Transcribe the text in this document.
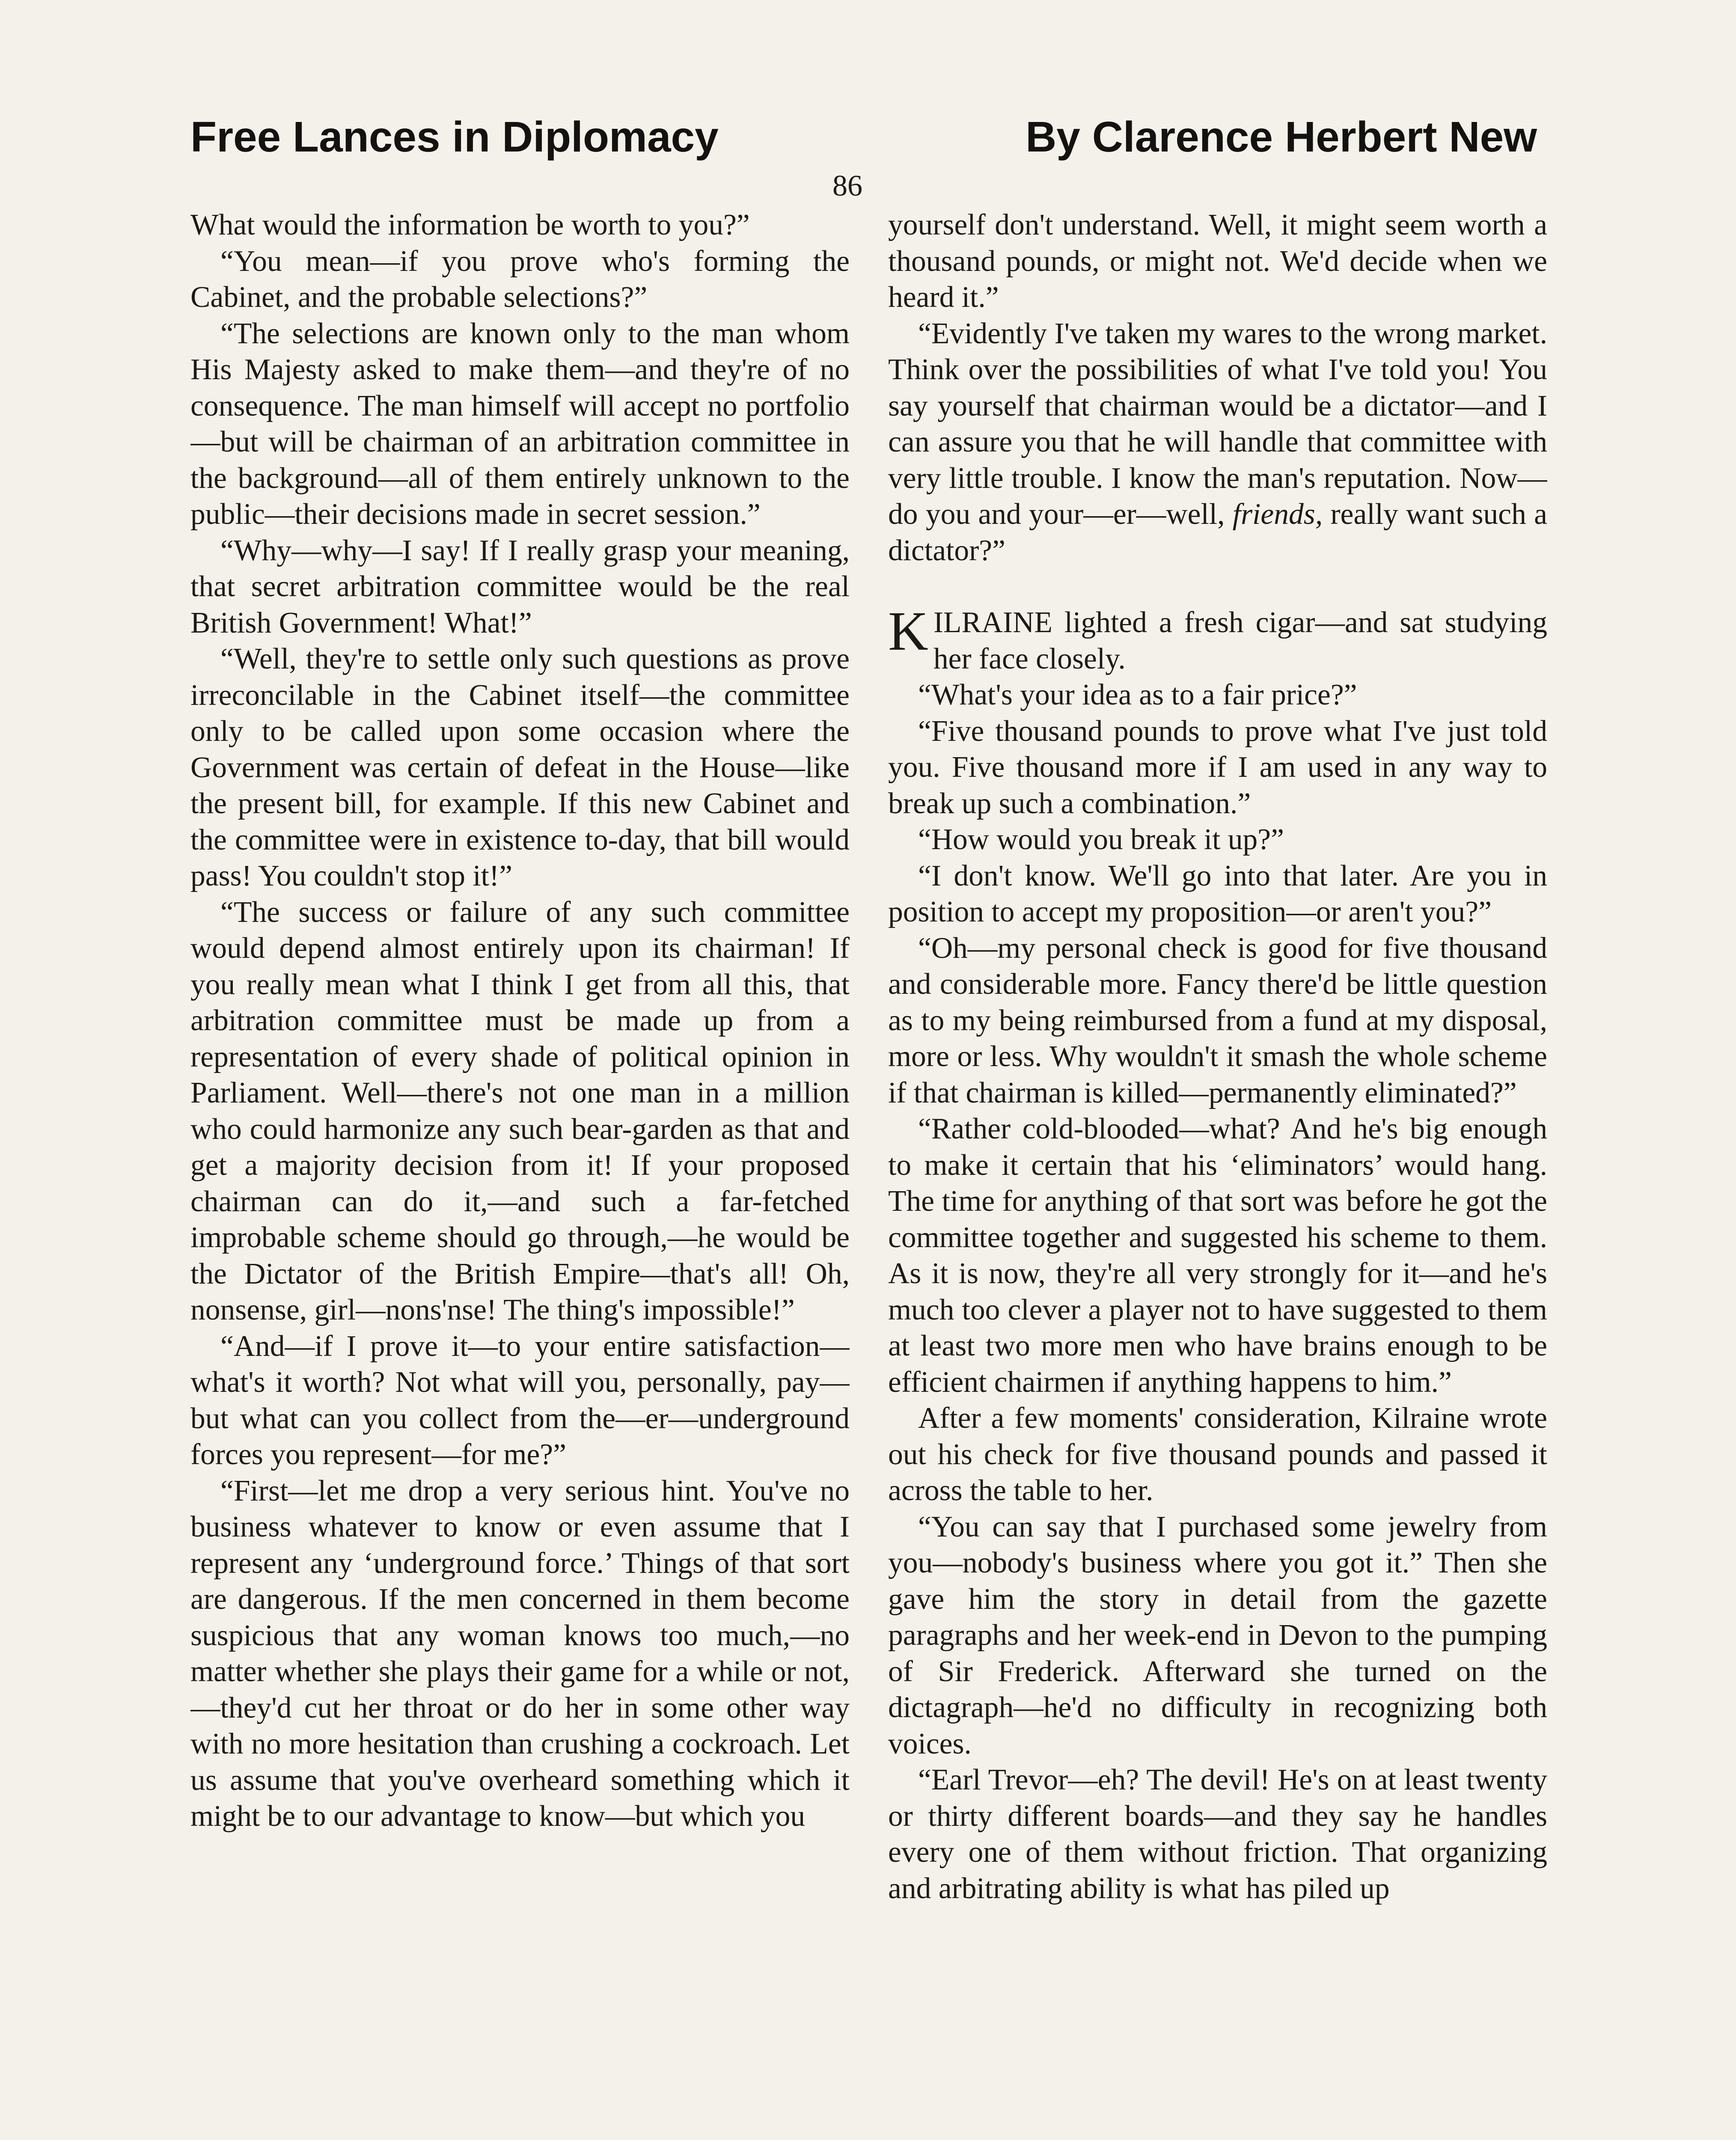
Free Lances in Diplomacy	By Clarence Herbert New
86

What would the information be worth to you?”

“You mean—if you prove who's forming the Cabinet, and the probable selections?”

“The selections are known only to the man whom His Majesty asked to make them—and they're of no consequence. The man himself will accept no portfolio—but will be chairman of an arbitration committee in the background—all of them entirely unknown to the public—their decisions made in secret session.”

“Why—why—I say! If I really grasp your meaning, that secret arbitration committee would be the real British Government! What!”

“Well, they're to settle only such questions as prove irreconcilable in the Cabinet itself—the committee only to be called upon some occasion where the Government was certain of defeat in the House—like the present bill, for example. If this new Cabinet and the committee were in existence to-day, that bill would pass! You couldn't stop it!”

“The success or failure of any such committee would depend almost entirely upon its chairman! If you really mean what I think I get from all this, that arbitration committee must be made up from a representation of every shade of political opinion in Parliament. Well—there's not one man in a million who could harmonize any such bear-garden as that and get a majority decision from it! If your proposed chairman can do it,—and such a far-fetched improbable scheme should go through,—he would be the Dictator of the British Empire—that's all! Oh, nonsense, girl—nons'nse! The thing's impossible!”

“And—if I prove it—to your entire satisfaction—what's it worth? Not what will you, personally, pay—but what can you collect from the—er—underground forces you represent—for me?”

“First—let me drop a very serious hint. You've no business whatever to know or even assume that I represent any ‘underground force.’ Things of that sort are dangerous. If the men concerned in them become suspicious that any woman knows too much,—no matter whether she plays their game for a while or not,—they'd cut her throat or do her in some other way with no more hesitation than crushing a cockroach. Let us assume that you've overheard something which it might be to our advantage to know—but which you

yourself don't understand. Well, it might seem worth a thousand pounds, or might not. We'd decide when we heard it.”

“Evidently I've taken my wares to the wrong market. Think over the possibilities of what I've told you! You say yourself that chairman would be a dictator—and I can assure you that he will handle that committee with very little trouble. I know the man's reputation. Now—do you and your—er—well, friends, really want such a dictator?”

KILRAINE lighted a fresh cigar—and sat studying her face closely.

“What's your idea as to a fair price?”

“Five thousand pounds to prove what I've just told you. Five thousand more if I am used in any way to break up such a combination.”

“How would you break it up?”

“I don't know. We'll go into that later. Are you in position to accept my proposition—or aren't you?”

“Oh—my personal check is good for five thousand and considerable more. Fancy there'd be little question as to my being reimbursed from a fund at my disposal, more or less. Why wouldn't it smash the whole scheme if that chairman is killed—permanently eliminated?”

“Rather cold-blooded—what? And he's big enough to make it certain that his ‘eliminators’ would hang. The time for anything of that sort was before he got the committee together and suggested his scheme to them. As it is now, they're all very strongly for it—and he's much too clever a player not to have suggested to them at least two more men who have brains enough to be efficient chairmen if anything happens to him.”

After a few moments' consideration, Kilraine wrote out his check for five thousand pounds and passed it across the table to her.

“You can say that I purchased some jewelry from you—nobody's business where you got it.” Then she gave him the story in detail from the gazette paragraphs and her week-end in Devon to the pumping of Sir Frederick. Afterward she turned on the dictagraph—he'd no difficulty in recognizing both voices.

“Earl Trevor—eh? The devil! He's on at least twenty or thirty different boards—and they say he handles every one of them without friction. That organizing and arbitrating ability is what has piled up
